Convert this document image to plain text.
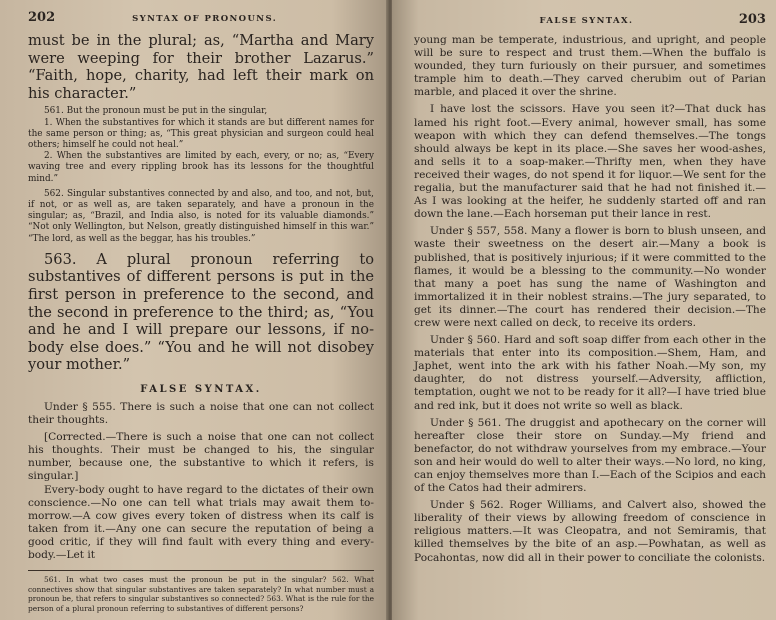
202	SYNTAX OF PRONOUNS.

must be in the plural; as, “Martha and Mary were weeping for their brother Lazarus.” “Faith, hope, charity, had left their mark on his character.”

561. But the pronoun must be put in the singular,

1. When the substantives for which it stands are but different names for the same person or thing; as, “This great physician and surgeon could heal others; himself he could not heal.”

2. When the substantives are limited by each, every, or no; as, “Every waving tree and every rippling brook has its lessons for the thoughtful mind.”

562. Singular substantives connected by and also, and too, and not, but, if not, or as well as, are taken separately, and have a pronoun in the singular; as, “Brazil, and India also, is noted for its valuable diamonds.” “Not only Wellington, but Nelson, greatly distinguished himself in this war.” “The lord, as well as the beggar, has his troubles.”

563. A plural pronoun referring to substantives of different persons is put in the first person in preference to the second, and the second in preference to the third; as, “You and he and I will prepare our lessons, if no-body else does.” “You and he will not disobey your mother.”

FALSE SYNTAX.

Under § 555. There is such a noise that one can not collect their thoughts.

[Corrected.—There is such a noise that one can not collect his thoughts. Their must be changed to his, the singular number, because one, the substantive to which it refers, is singular.]

Every-body ought to have regard to the dictates of their own conscience.—No one can tell what trials may await them to-morrow.—A cow gives every token of distress when its calf is taken from it.—Any one can secure the reputation of being a good critic, if they will find fault with every thing and every-body.—Let it

561. In what two cases must the pronoun be put in the singular? 562. What connectives show that singular substantives are taken separately? In what number must a pronoun be, that refers to singular substantives so connected? 563. What is the rule for the person of a plural pronoun referring to substantives of different persons?

FALSE SYNTAX.	203

young man be temperate, industrious, and upright, and people will be sure to respect and trust them.—When the buffalo is wounded, they turn furiously on their pursuer, and sometimes trample him to death.—They carved cherubim out of Parian marble, and placed it over the shrine.

I have lost the scissors. Have you seen it?—That duck has lamed his right foot.—Every animal, however small, has some weapon with which they can defend themselves.—The tongs should always be kept in its place.—She saves her wood-ashes, and sells it to a soap-maker.—Thrifty men, when they have received their wages, do not spend it for liquor.—We sent for the regalia, but the manufacturer said that he had not finished it.—As I was looking at the heifer, he suddenly started off and ran down the lane.—Each horseman put their lance in rest.

Under § 557, 558. Many a flower is born to blush unseen, and waste their sweetness on the desert air.—Many a book is published, that is positively injurious; if it were committed to the flames, it would be a blessing to the community.—No wonder that many a poet has sung the name of Washington and immortalized it in their noblest strains.—The jury separated, to get its dinner.—The court has rendered their decision.—The crew were next called on deck, to receive its orders.

Under § 560. Hard and soft soap differ from each other in the materials that enter into its composition.—Shem, Ham, and Japhet, went into the ark with his father Noah.—My son, my daughter, do not distress yourself.—Adversity, affliction, temptation, ought we not to be ready for it all?—I have tried blue and red ink, but it does not write so well as black.

Under § 561. The druggist and apothecary on the corner will hereafter close their store on Sunday.—My friend and benefactor, do not withdraw yourselves from my embrace.—Your son and heir would do well to alter their ways.—No lord, no king, can enjoy themselves more than I.—Each of the Scipios and each of the Catos had their admirers.

Under § 562. Roger Williams, and Calvert also, showed the liberality of their views by allowing freedom of conscience in religious matters.—It was Cleopatra, and not Semiramis, that killed themselves by the bite of an asp.—Powhatan, as well as Pocahontas, now did all in their power to conciliate the colonists.
